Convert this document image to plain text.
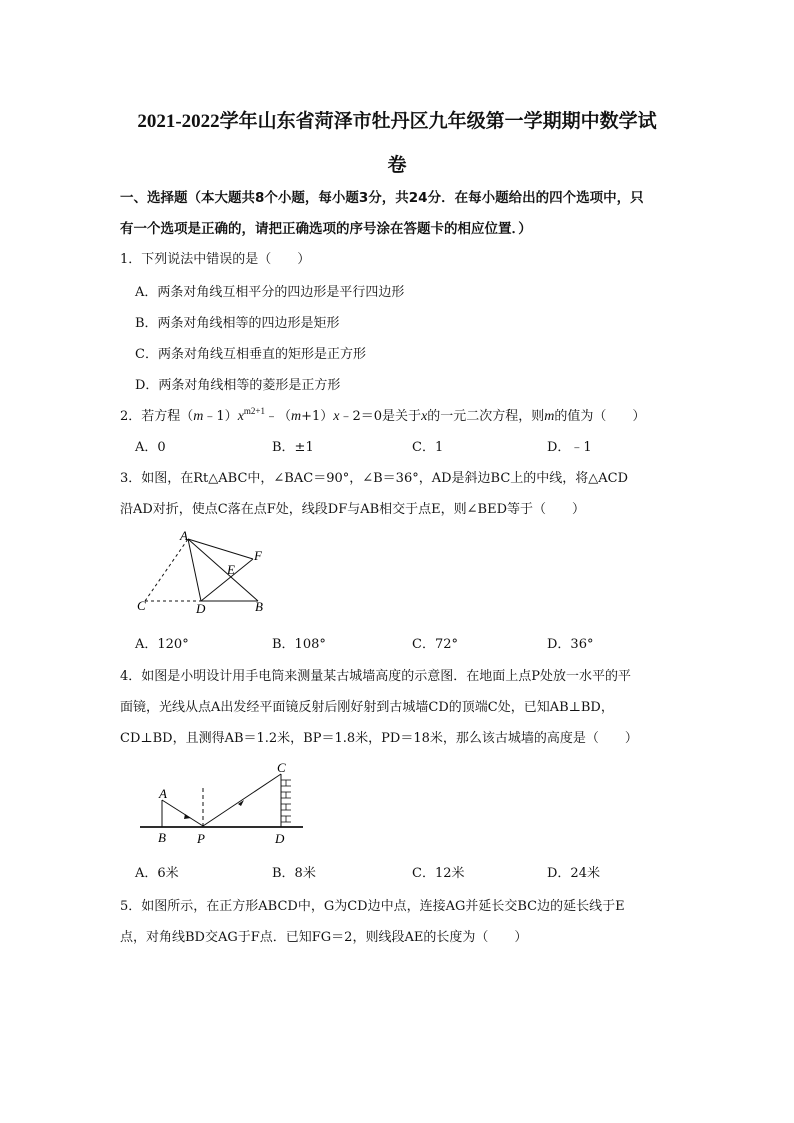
2021-2022学年山东省菏泽市牡丹区九年级第一学期期中数学试
卷
一、选择题（本大题共8个小题，每小题3分，共24分．在每小题给出的四个选项中，只
有一个选项是正确的，请把正确选项的序号涂在答题卡的相应位置．）
1．下列说法中错误的是（　　）
A．两条对角线互相平分的四边形是平行四边形
B．两条对角线相等的四边形是矩形
C．两条对角线互相垂直的矩形是正方形
D．两条对角线相等的菱形是正方形
2．若方程$(m﹣1)x^{m2+1}﹣(m+1)x﹣2=0$是关于x的一元二次方程，则m的值为（　　）
A．0	B．±1	C．1	D．﹣1
3．如图，在Rt△ABC中，∠BAC＝90°，∠B＝36°，AD是斜边BC上的中线，将△ACD
沿AD对折，使点C落在点F处，线段DF与AB相交于点E，则∠BED等于（　　）
A
F
E
C	D	B
A．120°	B．108°	C．72°	D．36°
4．如图是小明设计用手电筒来测量某古城墙高度的示意图．在地面上点P处放一水平的平
面镜，光线从点A出发经平面镜反射后刚好射到古城墙CD的顶端C处，已知AB⊥BD，
CD⊥BD，且测得AB＝1.2米，BP＝1.8米，PD＝18米，那么该古城墙的高度是（　　）
A
B P
C
D
A．6米	B．8米	C．12米	D．24米
5．如图所示，在正方形ABCD中，G为CD边中点，连接AG并延长交BC边的延长线于E
点，对角线BD交AG于F点．已知FG＝2，则线段AE的长度为（　　）
